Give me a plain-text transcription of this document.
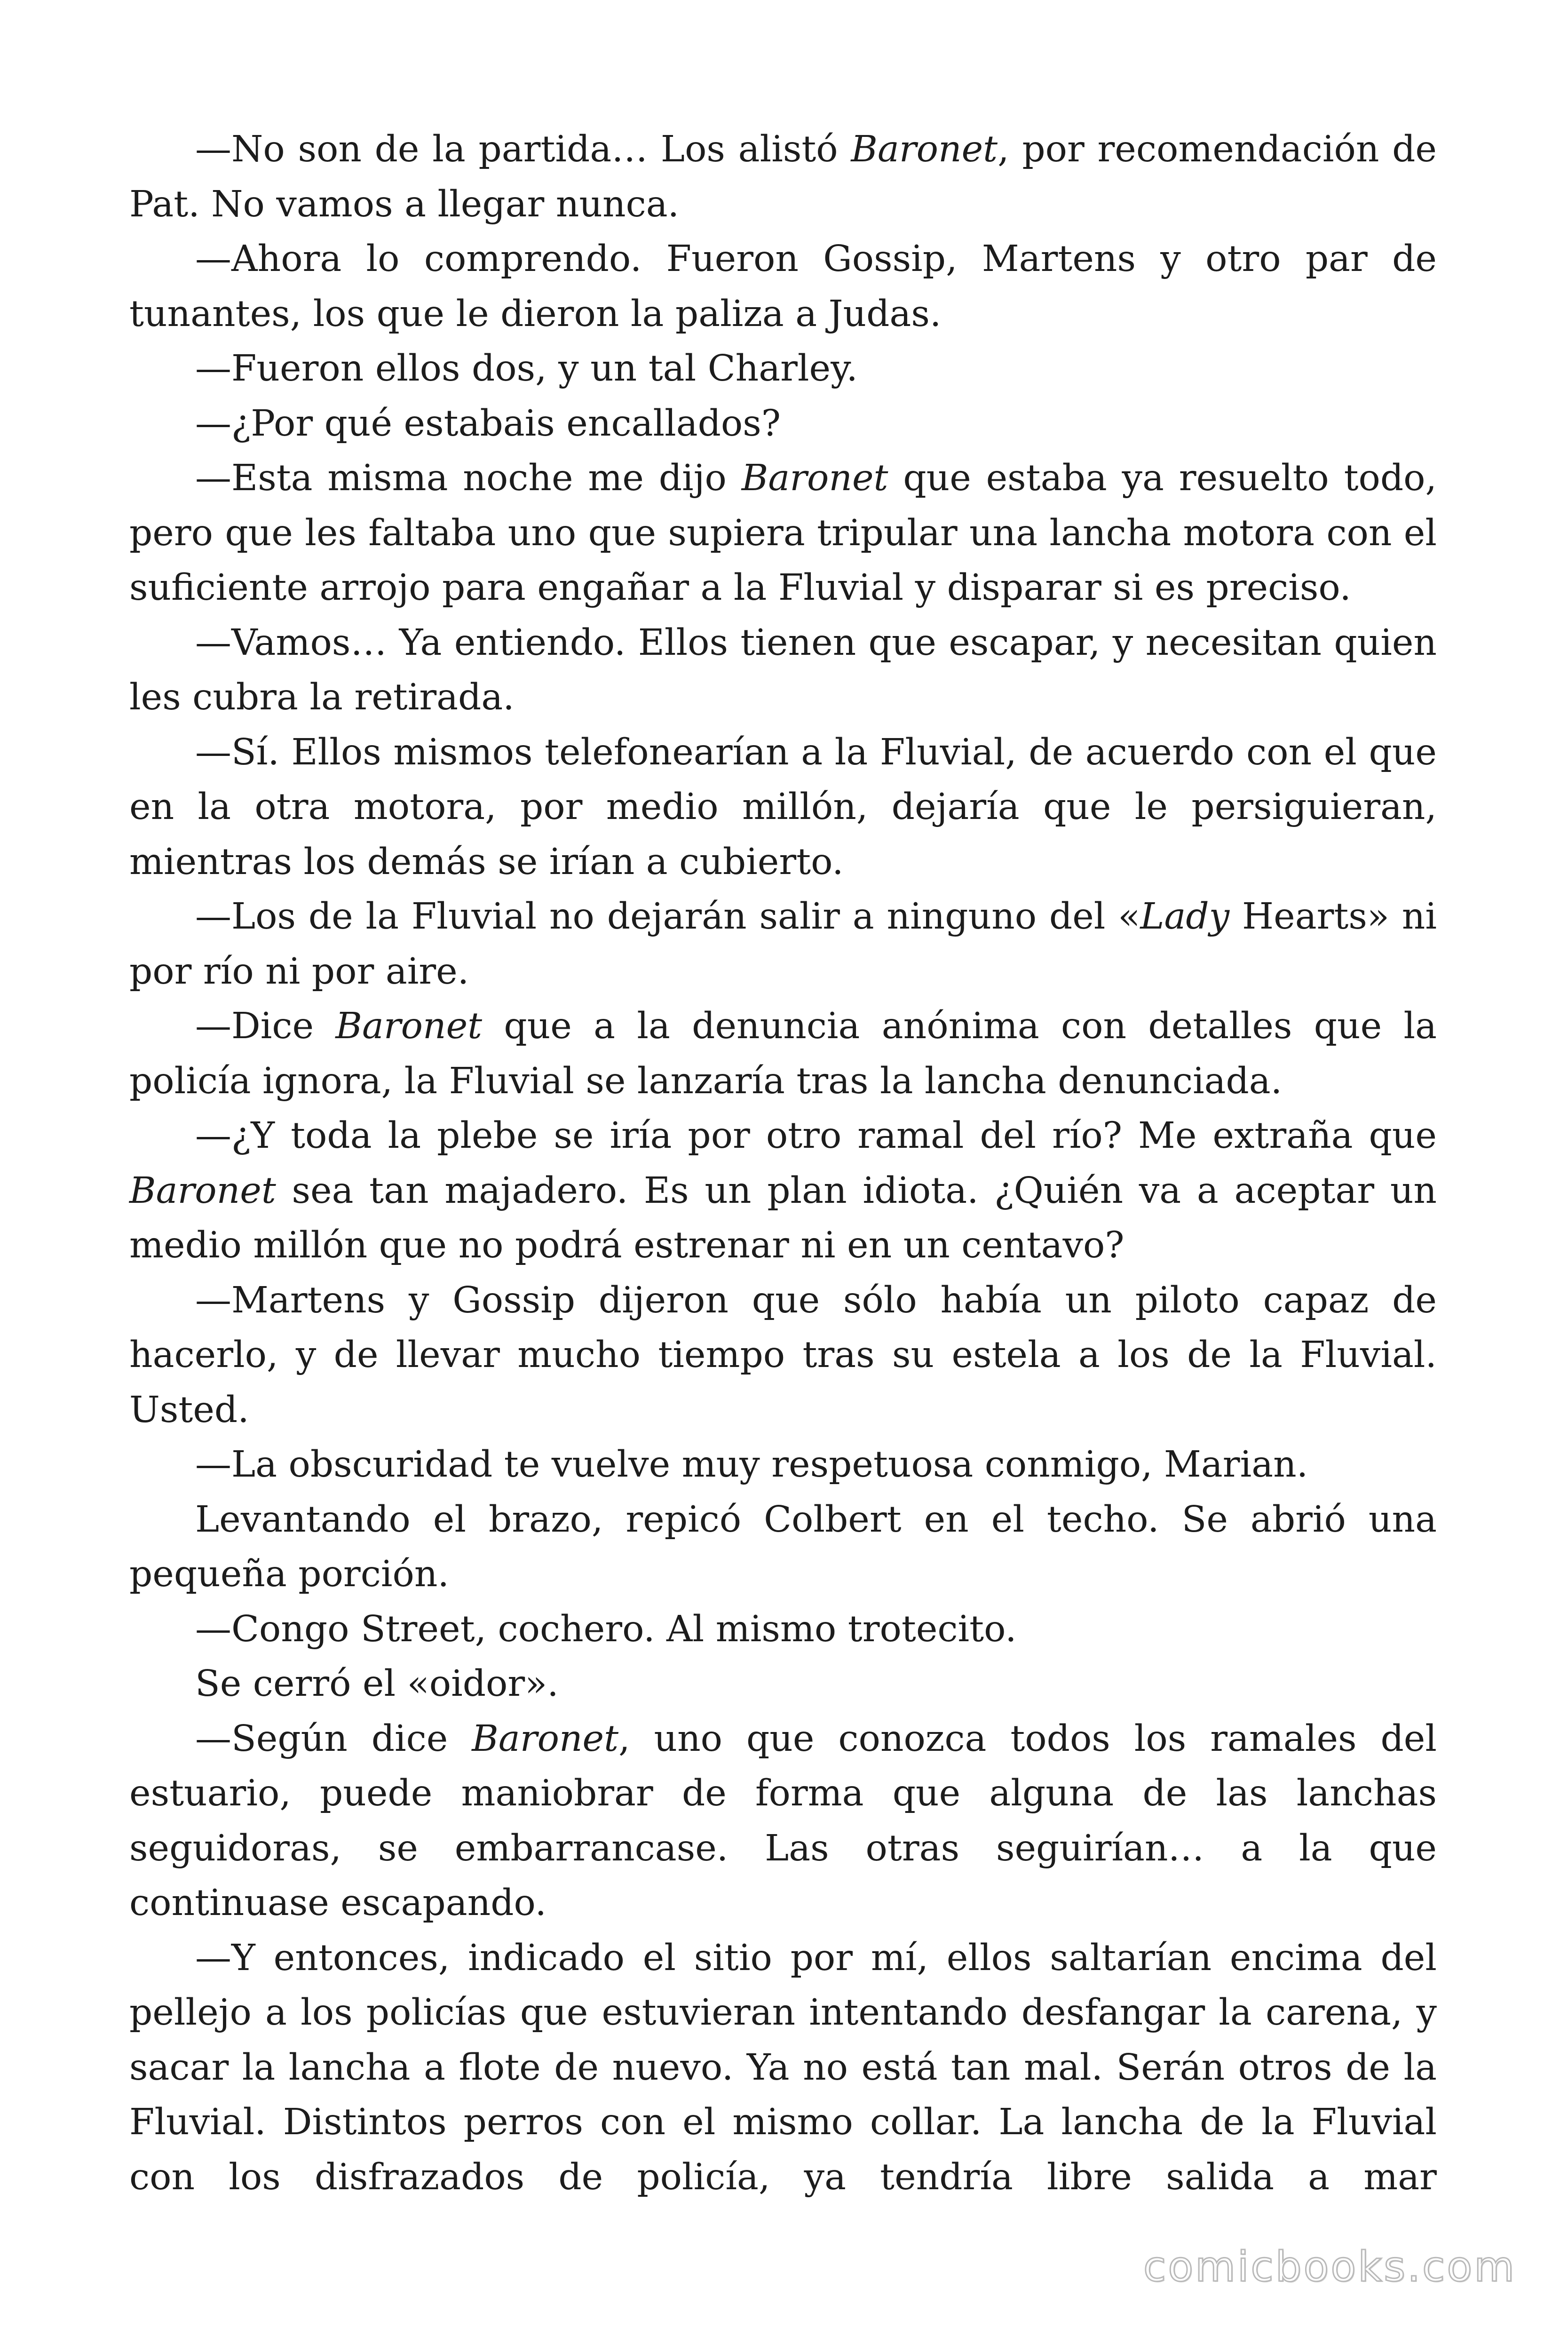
—No son de la partida… Los alistó Baronet, por recomendación de Pat. No vamos a llegar nunca.

—Ahora lo comprendo. Fueron Gossip, Martens y otro par de tunantes, los que le dieron la paliza a Judas.

—Fueron ellos dos, y un tal Charley.

—¿Por qué estabais encallados?

—Esta misma noche me dijo Baronet que estaba ya resuelto todo, pero que les faltaba uno que supiera tripular una lancha motora con el suficiente arrojo para engañar a la Fluvial y disparar si es preciso.

—Vamos… Ya entiendo. Ellos tienen que escapar, y necesitan quien les cubra la retirada.

—Sí. Ellos mismos telefonearían a la Fluvial, de acuerdo con el que en la otra motora, por medio millón, dejaría que le persiguieran, mientras los demás se irían a cubierto.

—Los de la Fluvial no dejarán salir a ninguno del «Lady Hearts» ni por río ni por aire.

—Dice Baronet que a la denuncia anónima con detalles que la policía ignora, la Fluvial se lanzaría tras la lancha denunciada.

—¿Y toda la plebe se iría por otro ramal del río? Me extraña que Baronet sea tan majadero. Es un plan idiota. ¿Quién va a aceptar un medio millón que no podrá estrenar ni en un centavo?

—Martens y Gossip dijeron que sólo había un piloto capaz de hacerlo, y de llevar mucho tiempo tras su estela a los de la Fluvial. Usted.

—La obscuridad te vuelve muy respetuosa conmigo, Marian.

Levantando el brazo, repicó Colbert en el techo. Se abrió una pequeña porción.

—Congo Street, cochero. Al mismo trotecito.

Se cerró el «oidor».

—Según dice Baronet, uno que conozca todos los ramales del estuario, puede maniobrar de forma que alguna de las lanchas seguidoras, se embarrancase. Las otras seguirían… a la que continuase escapando.

—Y entonces, indicado el sitio por mí, ellos saltarían encima del pellejo a los policías que estuvieran intentando desfangar la carena, y sacar la lancha a flote de nuevo. Ya no está tan mal. Serán otros de la Fluvial. Distintos perros con el mismo collar. La lancha de la Fluvial con los disfrazados de policía, ya tendría libre salida a mar

comicbooks.com
